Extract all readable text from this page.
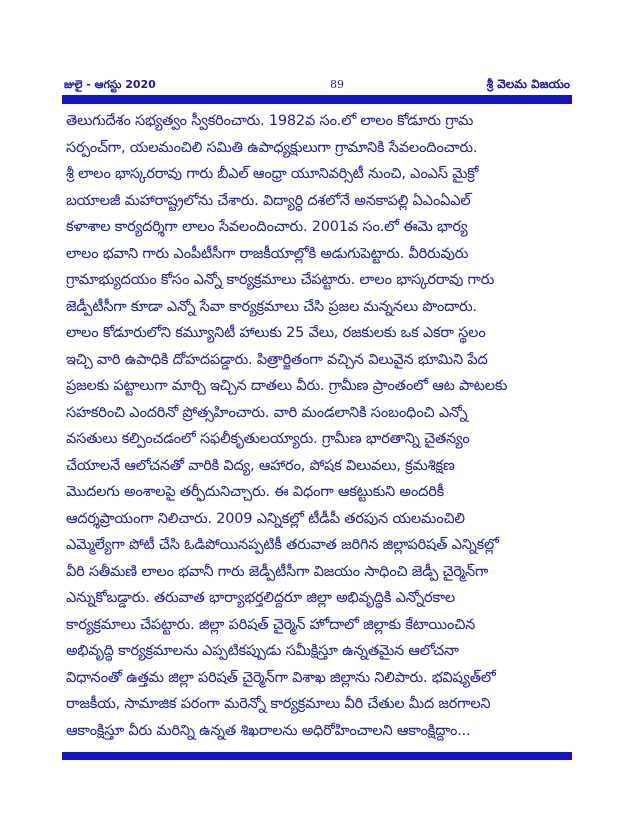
జులై - ఆగస్టు 2020	89	శ్రీ వెలమ విజయం
తెలుగుదేశం సభ్యత్వం స్వీకరించారు. 1982వ సం.లో లాలం కోడూరు గ్రామ
సర్పంచ్‌గా, యలమంచిలి సమితి ఉపాధ్యక్షులుగా గ్రామానికి సేవలందించారు.
శ్రీ లాలం భాస్కరరావు గారు బీఎల్ ఆంధ్రా యూనివర్సిటీ నుంచి, ఎంఎస్ మైక్రో
బయాలజీ మహారాష్ట్రలోను చేశారు. విద్యార్ధి దశలోనే అనకాపల్లి ఏఎంఏఎల్
కళాశాల కార్యదర్శిగా లాలం సేవలందించారు. 2001వ సం.లో ఈమె భార్య
లాలం భవాని గారు ఎంపీటీసీగా రాజకీయాల్లోకి అడుగుపెట్టారు. వీరిరువురు
గ్రామాభ్యుదయం కోసం ఎన్నో కార్యక్రమాలు చేపట్టారు. లాలం భాస్కరరావు గారు
జెడ్పీటీసీగా కూడా ఎన్నో సేవా కార్యక్రమాలు చేసి ప్రజల మన్ననలు పొందారు.
లాలం కోడూరులోని కమ్యూనిటీ హాలుకు 25 వేలు, రజకులకు ఒక ఎకరా స్థలం
ఇచ్చి వారి ఉపాధికి దోహదపడ్డారు. పిత్రార్జితంగా వచ్చిన విలువైన భూమిని పేద
ప్రజలకు పట్టాలుగా మార్చి ఇచ్చిన దాతలు వీరు. గ్రామీణ ప్రాంతంలో ఆట పాటలకు
సహకరించి ఎందరినో ప్రోత్సహించారు. వారి మండలానికి సంబంధించి ఎన్నో
వసతులు కల్పించడంలో సఫలీకృతులయ్యారు. గ్రామీణ భారతాన్ని చైతన్యం
చేయాలనే ఆలోచనతో వారికి విద్య, ఆహారం, పోషక విలువలు, క్రమశిక్షణ
మొదలగు అంశాలపై తర్ఫీదునిచ్చారు. ఈ విధంగా ఆకట్టుకుని అందరికీ
ఆదర్శప్రాయంగా నిలిచారు. 2009 ఎన్నికల్లో టీడీపీ తరపున యలమంచిలి
ఎమ్మెల్యేగా పోటీ చేసి ఓడిపోయినప్పటికీ తరువాత జరిగిన జిల్లాపరిషత్ ఎన్నికల్లో
వీరి సతీమణి లాలం భవానీ గారు జెడ్పీటీసీగా విజయం సాధించి జెడ్పీ చైర్మెన్‌గా
ఎన్నుకోబడ్డారు. తరువాత భార్యాభర్తలిద్దరూ జిల్లా అభివృద్ధికి ఎన్నోరకాల
కార్యక్రమాలు చేపట్టారు. జిల్లా పరిషత్ చైర్మెన్ హోదాలో జిల్లాకు కేటాయించిన
అభివృద్ధి కార్యక్రమాలను ఎప్పటికప్పుడు సమీక్షిస్తూ ఉన్నతమైన ఆలోచనా
విధానంతో ఉత్తమ జిల్లా పరిషత్ చైర్మెన్‌గా విశాఖ జిల్లాను నిలిపారు. భవిష్యత్‌లో
రాజకీయ, సామాజిక పరంగా మరెన్నో కార్యక్రమాలు వీరి చేతుల మీద జరగాలని
ఆకాంక్షిస్తూ వీరు మరిన్ని ఉన్నత శిఖరాలను అధిరోహించాలని ఆకాంక్షిద్దాం...
